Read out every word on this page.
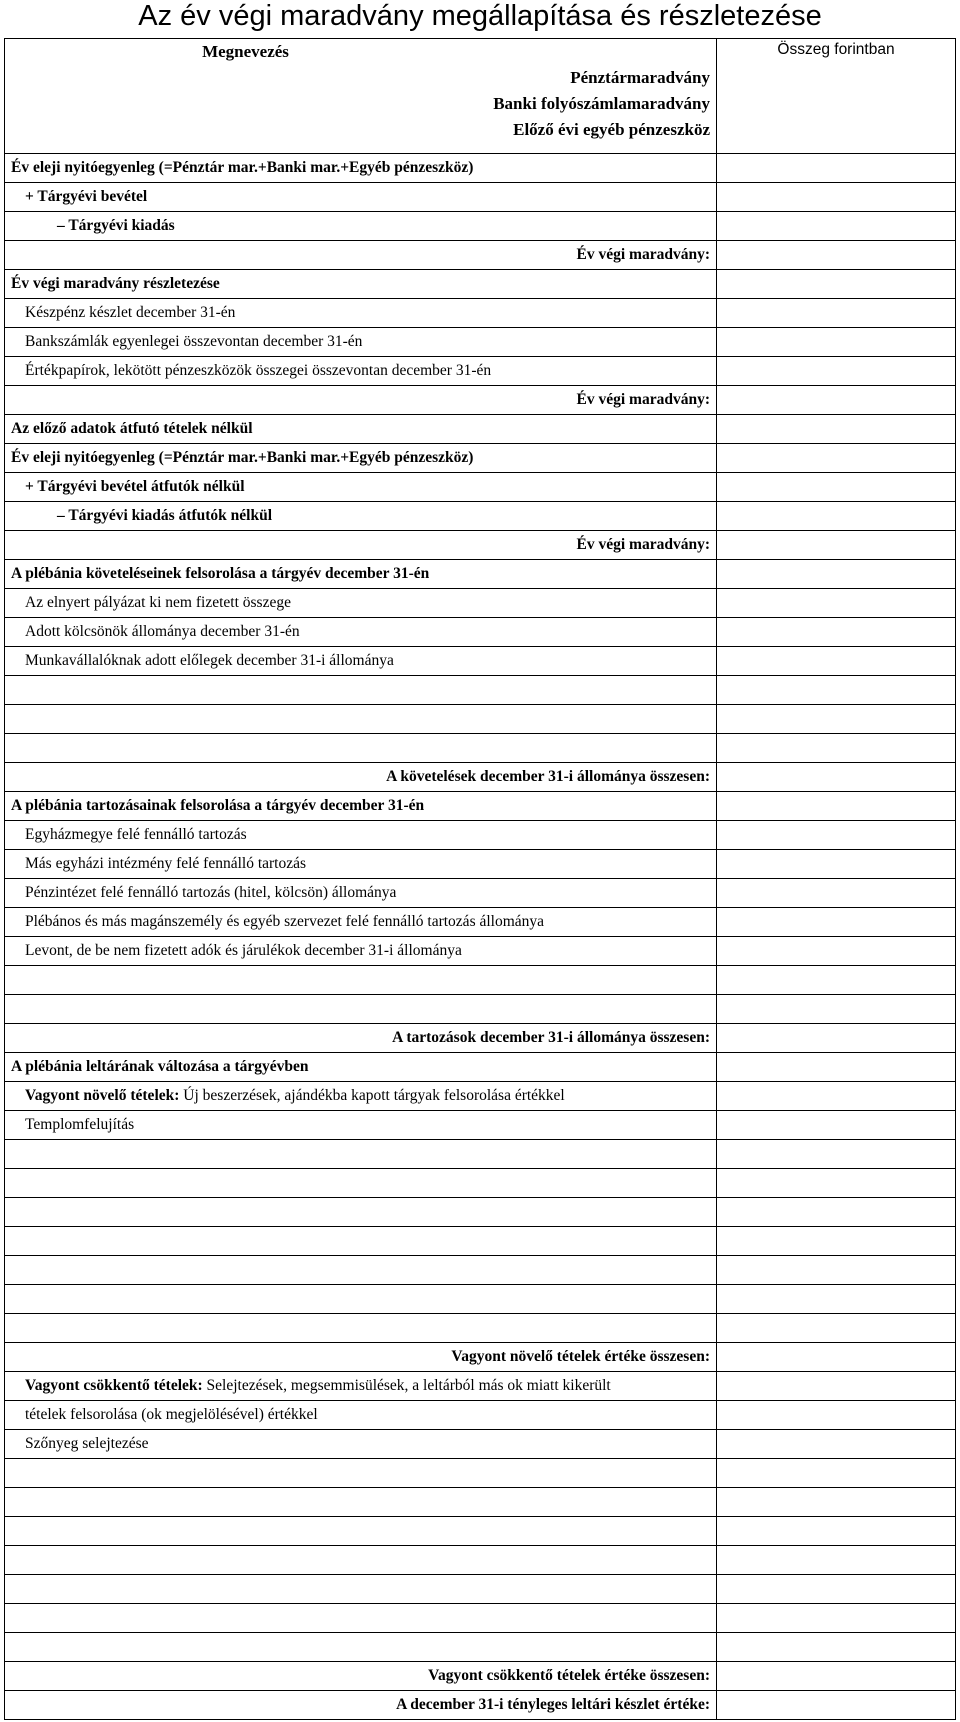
Az év végi maradvány megállapítása és részletezése
Megnevezés
Pénztármaradvány
Banki folyószámlamaradvány
Előző évi egyéb pénzeszköz	Összeg forintban
Év eleji nyitóegyenleg (=Pénztár mar.+Banki mar.+Egyéb pénzeszköz)	
+ Tárgyévi bevétel	
– Tárgyévi kiadás	
Év végi maradvány:	
Év végi maradvány részletezése	
Készpénz készlet december 31-én	
Bankszámlák egyenlegei összevontan december 31-én	
Értékpapírok, lekötött pénzeszközök összegei összevontan december 31-én	
Év végi maradvány:	
Az előző adatok átfutó tételek nélkül	
Év eleji nyitóegyenleg (=Pénztár mar.+Banki mar.+Egyéb pénzeszköz)	
+ Tárgyévi bevétel átfutók nélkül	
– Tárgyévi kiadás átfutók nélkül	
Év végi maradvány:	
A plébánia követeléseinek felsorolása a tárgyév december 31-én	
Az elnyert pályázat ki nem fizetett összege	
Adott kölcsönök állománya december 31-én	
Munkavállalóknak adott előlegek december 31-i állománya	

A követelések december 31-i állománya összesen:	
A plébánia tartozásainak felsorolása a tárgyév december 31-én	
Egyházmegye felé fennálló tartozás	
Más egyházi intézmény felé fennálló tartozás	
Pénzintézet felé fennálló tartozás (hitel, kölcsön) állománya	
Plébános és más magánszemély és egyéb szervezet felé fennálló tartozás állománya	
Levont, de be nem fizetett adók és járulékok december 31-i állománya	

A tartozások december 31-i állománya összesen:	
A plébánia leltárának változása a tárgyévben	
Vagyont növelő tételek: Új beszerzések, ajándékba kapott tárgyak felsorolása értékkel	
Templomfelujítás	

Vagyont növelő tételek értéke összesen:	
Vagyont csökkentő tételek: Selejtezések, megsemmisülések, a leltárból más ok miatt kikerült	
tételek felsorolása (ok megjelölésével) értékkel	
Szőnyeg selejtezése	

Vagyont csökkentő tételek értéke összesen:	
A december 31-i tényleges leltári készlet értéke:	
